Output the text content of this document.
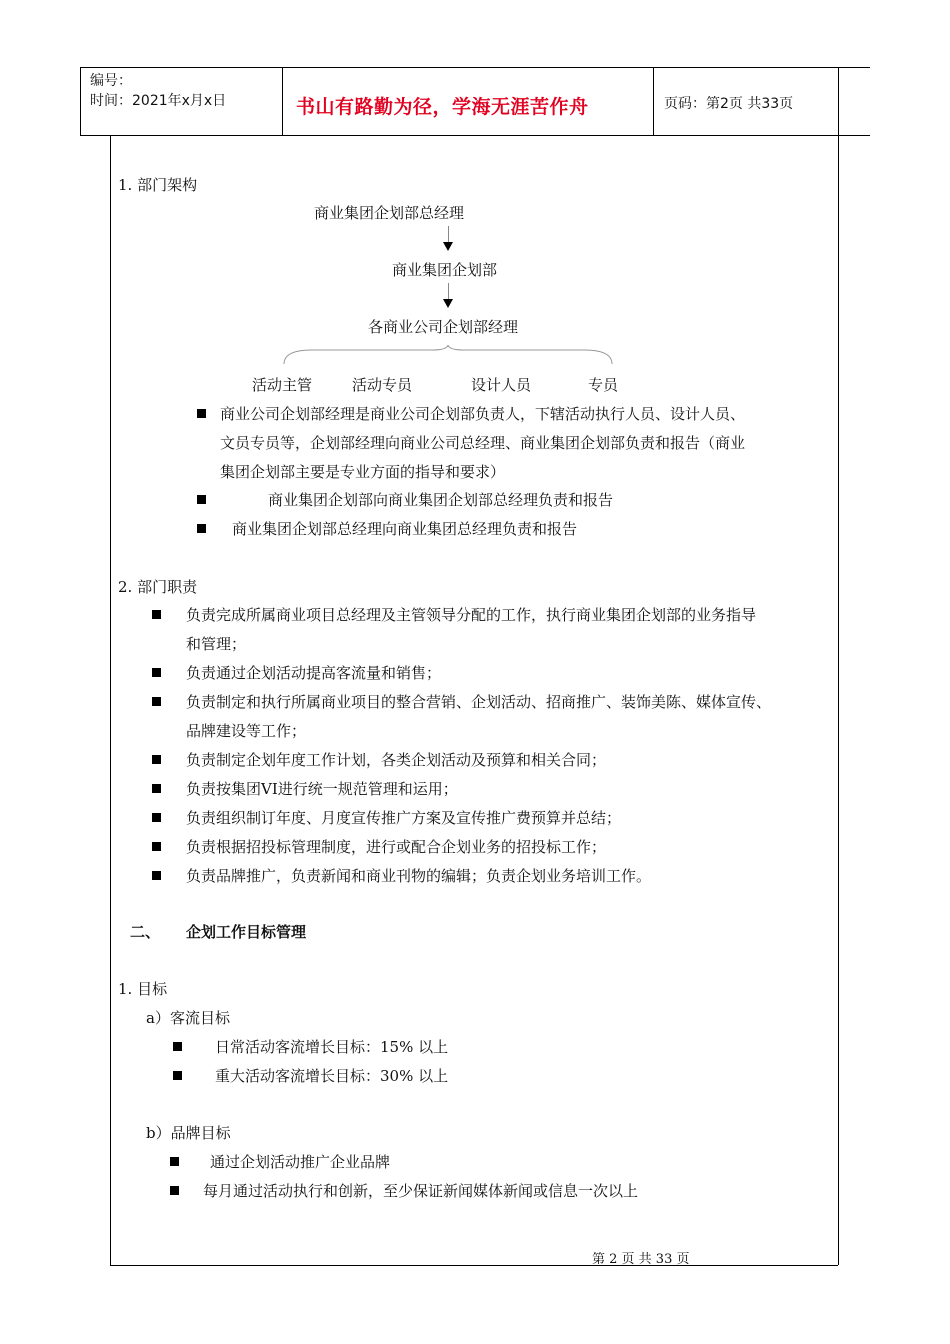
编号：
时间：2021年x月x日	书山有路勤为径，学海无涯苦作舟	页码：第2页 共33页
1. 部门架构
商业集团企划部总经理
商业集团企划部
各商业公司企划部经理
活动主管	活动专员	设计人员	专员
商业公司企划部经理是商业公司企划部负责人，下辖活动执行人员、设计人员、
文员专员等，企划部经理向商业公司总经理、商业集团企划部负责和报告（商业
集团企划部主要是专业方面的指导和要求）
商业集团企划部向商业集团企划部总经理负责和报告
商业集团企划部总经理向商业集团总经理负责和报告
2. 部门职责
负责完成所属商业项目总经理及主管领导分配的工作，执行商业集团企划部的业务指导
和管理；
负责通过企划活动提高客流量和销售；
负责制定和执行所属商业项目的整合营销、企划活动、招商推广、装饰美陈、媒体宣传、
品牌建设等工作；
负责制定企划年度工作计划，各类企划活动及预算和相关合同；
负责按集团VI进行统一规范管理和运用；
负责组织制订年度、月度宣传推广方案及宣传推广费预算并总结；
负责根据招投标管理制度，进行或配合企划业务的招投标工作；
负责品牌推广，负责新闻和商业刊物的编辑；负责企划业务培训工作。
二、 企划工作目标管理
1. 目标
a）客流目标
日常活动客流增长目标：15% 以上
重大活动客流增长目标：30% 以上
b）品牌目标
通过企划活动推广企业品牌
每月通过活动执行和创新，至少保证新闻媒体新闻或信息一次以上
第 2 页 共 33 页
